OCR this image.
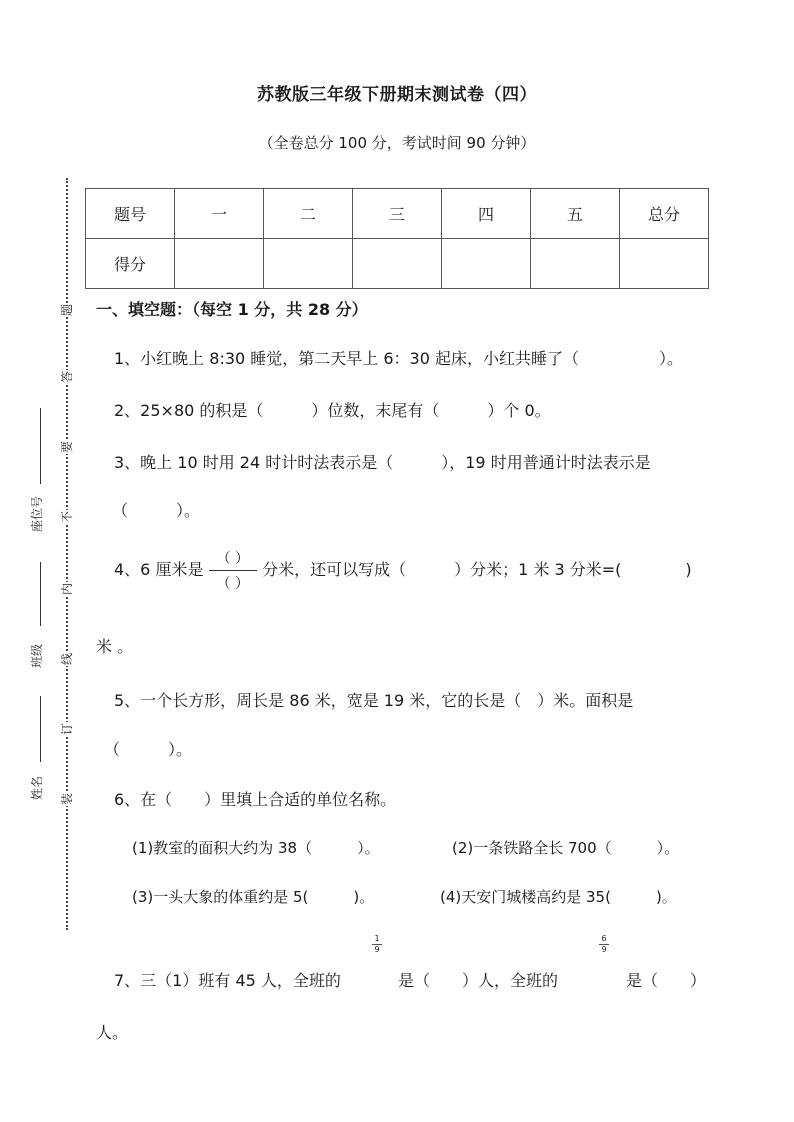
苏教版三年级下册期末测试卷（四）
（全卷总分 100 分，考试时间 90 分钟）
题
答
要
不
内
线
订
装
座位号
班级
姓名
题号	一	二	三	四	五	总分
得分						
一、填空题：（每空 1 分，共 28 分）
1、小红晚上 8:30 睡觉，第二天早上 6：30 起床，小红共睡了（　　　　　）。
2、25×80 的积是（　　　）位数，末尾有（　　　）个 0。
3、晚上 10 时用 24 时计时法表示是（　　　），19 时用普通计时法表示是
（　　　）。
4、6 厘米是 $\frac{( )}{( )}$ 分米，还可以写成（　　　）分米；1 米 3 分米=(　　　　)
米 。
5、一个长方形，周长是 86 米，宽是 19 米，它的长是（　）米。面积是
（　　　）。
6、在（　　）里填上合适的单位名称。
(1)教室的面积大约为 38（　　　）。	(2)一条铁路全长 700（　　　）。
(3)一头大象的体重约是 5(　　　)。	(4)天安门城楼高约是 35(　　　)。
$\frac{1}{9}$	$\frac{6}{9}$
7、三（1）班有 45 人，全班的	是（　　）人，全班的	是（　　）
人。
